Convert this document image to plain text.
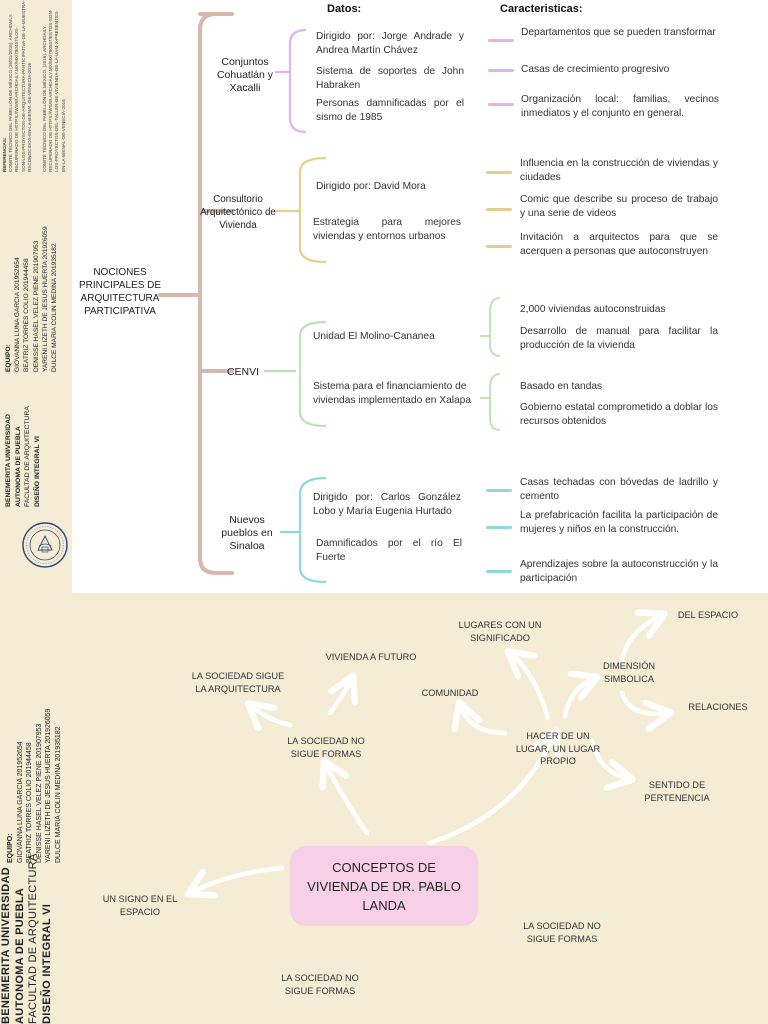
REFERENCIAS: COMITÉ TÉCNICO DEL PABELLÓN DE MÉXICO (26/01/2016). ARCHDAILY. RECUPERADO DE HTTPS://WWW.ARCHDAILY.MX/MX/780457/LOS- SON-LOS-PROYECTOS-DE-ARQUITECTURA-PARTICIPATIVA-DE-LA-MUESTRA- RECONOCIDOS-EN-LA-BIENAL-DE-VENECIA-2016 COMITÉ TÉCNICO DEL PABELLÓN DE MÉXICO. (2016). ARCHDAILY. RECUPERADO DE HTTPS://WWW.ARCHDAILY.MX/MX/780557/ESTOS-SON- LOS-PROYECTOS-DEL-TALLER-DE-VIVIENDA-DE-LA-UAM-X-PRESENTES- EN-LA-BIENAL-DE-VENECIA-2016
EQUIPO: GIOVANNA LUNA GARCIA 201952654 BEATRIZ TORRES COLIO 201944458 DENISSE HASEL VELEZ PIENE 201907953 YARENI LIZETH DE JESUS HUERTA 201926059 DULCE MARIA COLIN MEDINA 201935182
BENEMERITA UNIVERSIDAD AUTONOMA DE PUEBLA FACULTAD DE ARQUITECTURA DISEÑO INTEGRAL VI
Datos:	Caracteristicas:
NOCIONES PRINCIPALES DE ARQUITECTURA PARTICIPATIVA
Conjuntos Cohuatlán y Xacalli
Consultorio Arquitectónico de Vivienda
CENVI
Nuevos pueblos en Sinaloa
Dirigido por: Jorge Andrade y Andrea Martín Chávez
Sistema de soportes de John Habraken
Personas damnificadas por el sismo de 1985
Departamentos que se pueden transformar
Casas de crecimiento progresivo
Organización local: familias, vecinos inmediatos y el conjunto en general.
Dirigido por: David Mora
Estrategia para mejores viviendas y entornos urbanos
Influencia en la construcción de viviendas y ciudades
Comic que describe su proceso de trabajo y una serie de videos
Invitación a arquitectos para que se acerquen a personas que autoconstruyen
Unidad El Molino-Cananea
Sistema para el financiamiento de viviendas implementado en Xalapa
2,000 viviendas autoconstruidas
Desarrollo de manual para facilitar la producción de la vivienda
Basado en tandas
Gobierno estatal comprometido a doblar los recursos obtenidos
Dirigido por: Carlos González Lobo y María Eugenia Hurtado
Damnificados por el río El Fuerte
Casas techadas con bóvedas de ladrillo y cemento
La prefabricación facilita la participación de mujeres y niños en la construcción.
Aprendizajes sobre la autoconstrucción y la participación
EQUIPO: GIOVANNA LUNA GARCIA 201952654 BEATRIZ TORRES COLIO 201944458 DENISSE HASEL VELEZ PIENE 201907953 YARENI LIZETH DE JESUS HUERTA 201926059 DULCE MARIA COLIN MEDINA 201935182
BENEMERITA UNIVERSIDAD AUTONOMA DE PUEBLA FACULTAD DE ARQUITECTURA DISEÑO INTEGRAL VI
CONCEPTOS DE VIVIENDA DE DR. PABLO LANDA
UN SIGNO EN EL ESPACIO
LA SOCIEDAD NO SIGUE FORMAS
LA SOCIEDAD SIGUE LA ARQUITECTURA
VIVIENDA A FUTURO
COMUNIDAD
LUGARES CON UN SIGNIFICADO
HACER DE UN LUGAR, UN LUGAR PROPIO
DIMENSIÓN SIMBOLICA
DEL ESPACIO
RELACIONES
SENTIDO DE PERTENENCIA
LA SOCIEDAD NO SIGUE FORMAS
LA SOCIEDAD NO SIGUE FORMAS
